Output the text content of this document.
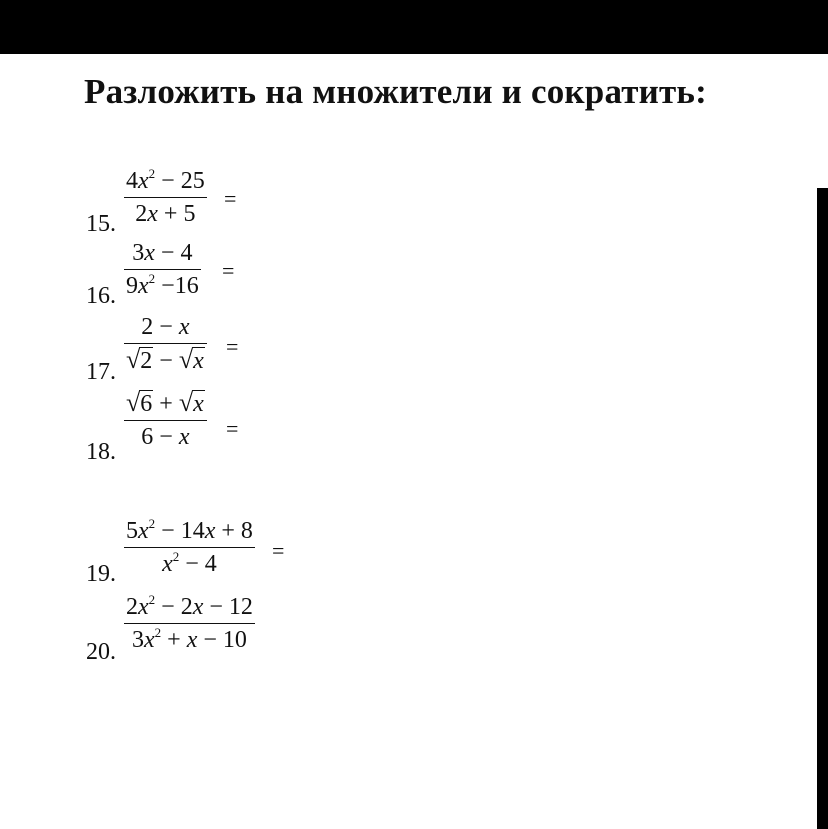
Разложить на множители и сократить:
15.
$4x^2 - 25$
2x + 5
=
16.
3x − 4
$9x^2 -16$
=
17.
2 − x
√2 − √x
=
18.
√6 + √x
6 − x =
19.
$5x^2 - 14x + 8$
$x^2 - 4$
=
20.
$2x^2 - 2x - 12$
$3x^2 + x - 10$
